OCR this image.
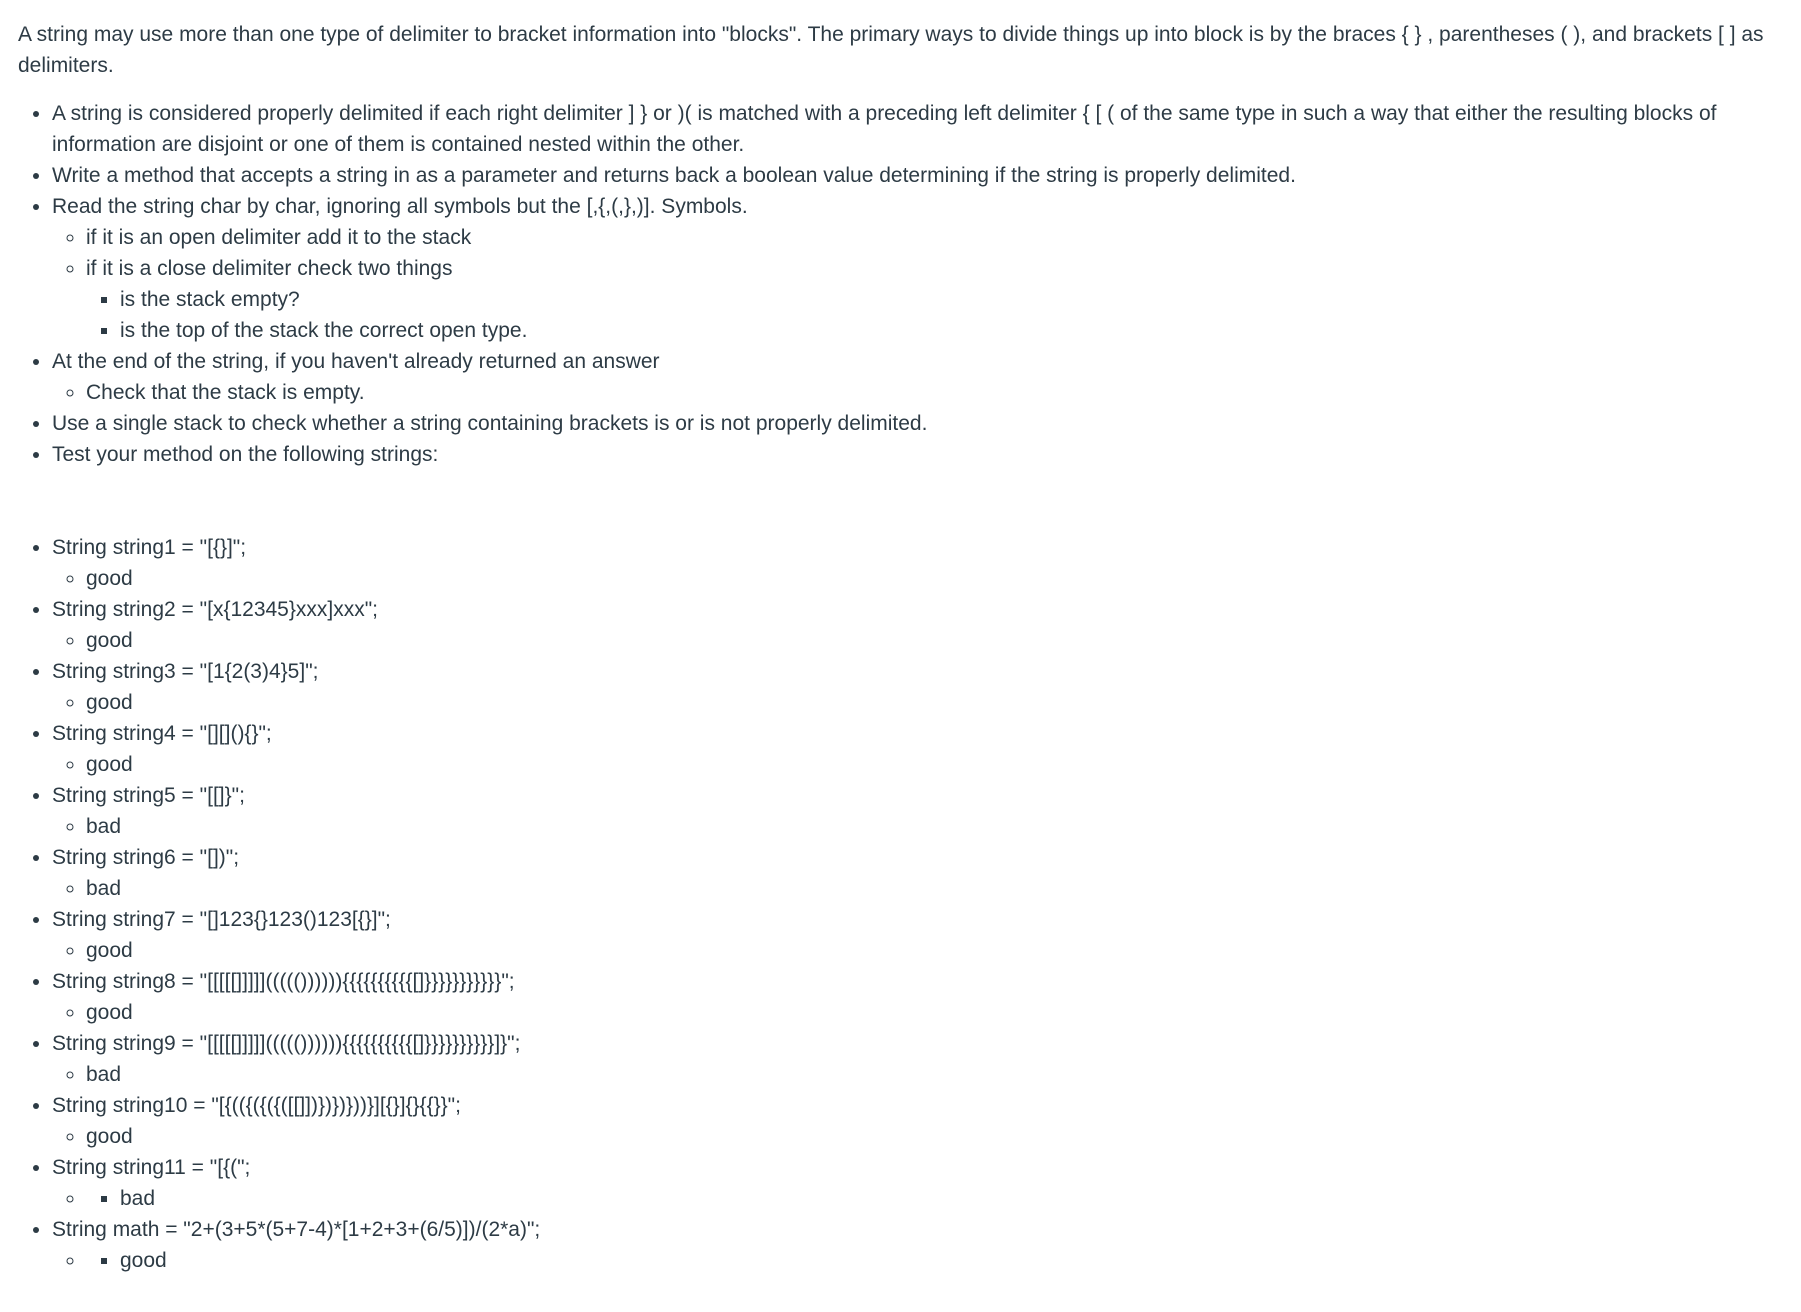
A string may use more than one type of delimiter to bracket information into "blocks". The primary ways to divide things up into block is by the braces { } , parentheses ( ), and brackets [ ] as delimiters.

• A string is considered properly delimited if each right delimiter ] } or )( is matched with a preceding left delimiter { [ ( of the same type in such a way that either the resulting blocks of information are disjoint or one of them is contained nested within the other.
• Write a method that accepts a string in as a parameter and returns back a boolean value determining if the string is properly delimited.
• Read the string char by char, ignoring all symbols but the [,{,(,},)]. Symbols.
◦ if it is an open delimiter add it to the stack
◦ if it is a close delimiter check two things
▪ is the stack empty?
▪ is the top of the stack the correct open type.
• At the end of the string, if you haven't already returned an answer
◦ Check that the stack is empty.
• Use a single stack to check whether a string containing brackets is or is not properly delimited.
• Test your method on the following strings:
• String string1 = "[{}]";
◦ good
• String string2 = "[x{12345}xxx]xxx";
◦ good
• String string3 = "[1{2(3)4}5]";
◦ good
• String string4 = "[][](){}";
◦ good
• String string5 = "[[]}";
◦ bad
• String string6 = "[])";
◦ bad
• String string7 = "[]123{}123()123[{}]";
◦ good
• String string8 = "[[[[[]]]]]((((()))))){{{{{{{{{{[]}}}}}}}}}}}";
◦ good
• String string9 = "[[[[[]]]]]((((()))))){{{{{{{{{{[]}}}}}}}}}}]}";
◦ bad
• String string10 = "[{(({({({([[]])})})}))}][{}]{}{{}}";
◦ good
• String string11 = "[{(";
▪ ◦ bad
• String math = "2+(3+5*(5+7-4)*[1+2+3+(6/5)])/(2*a)";
▪ ◦ good
